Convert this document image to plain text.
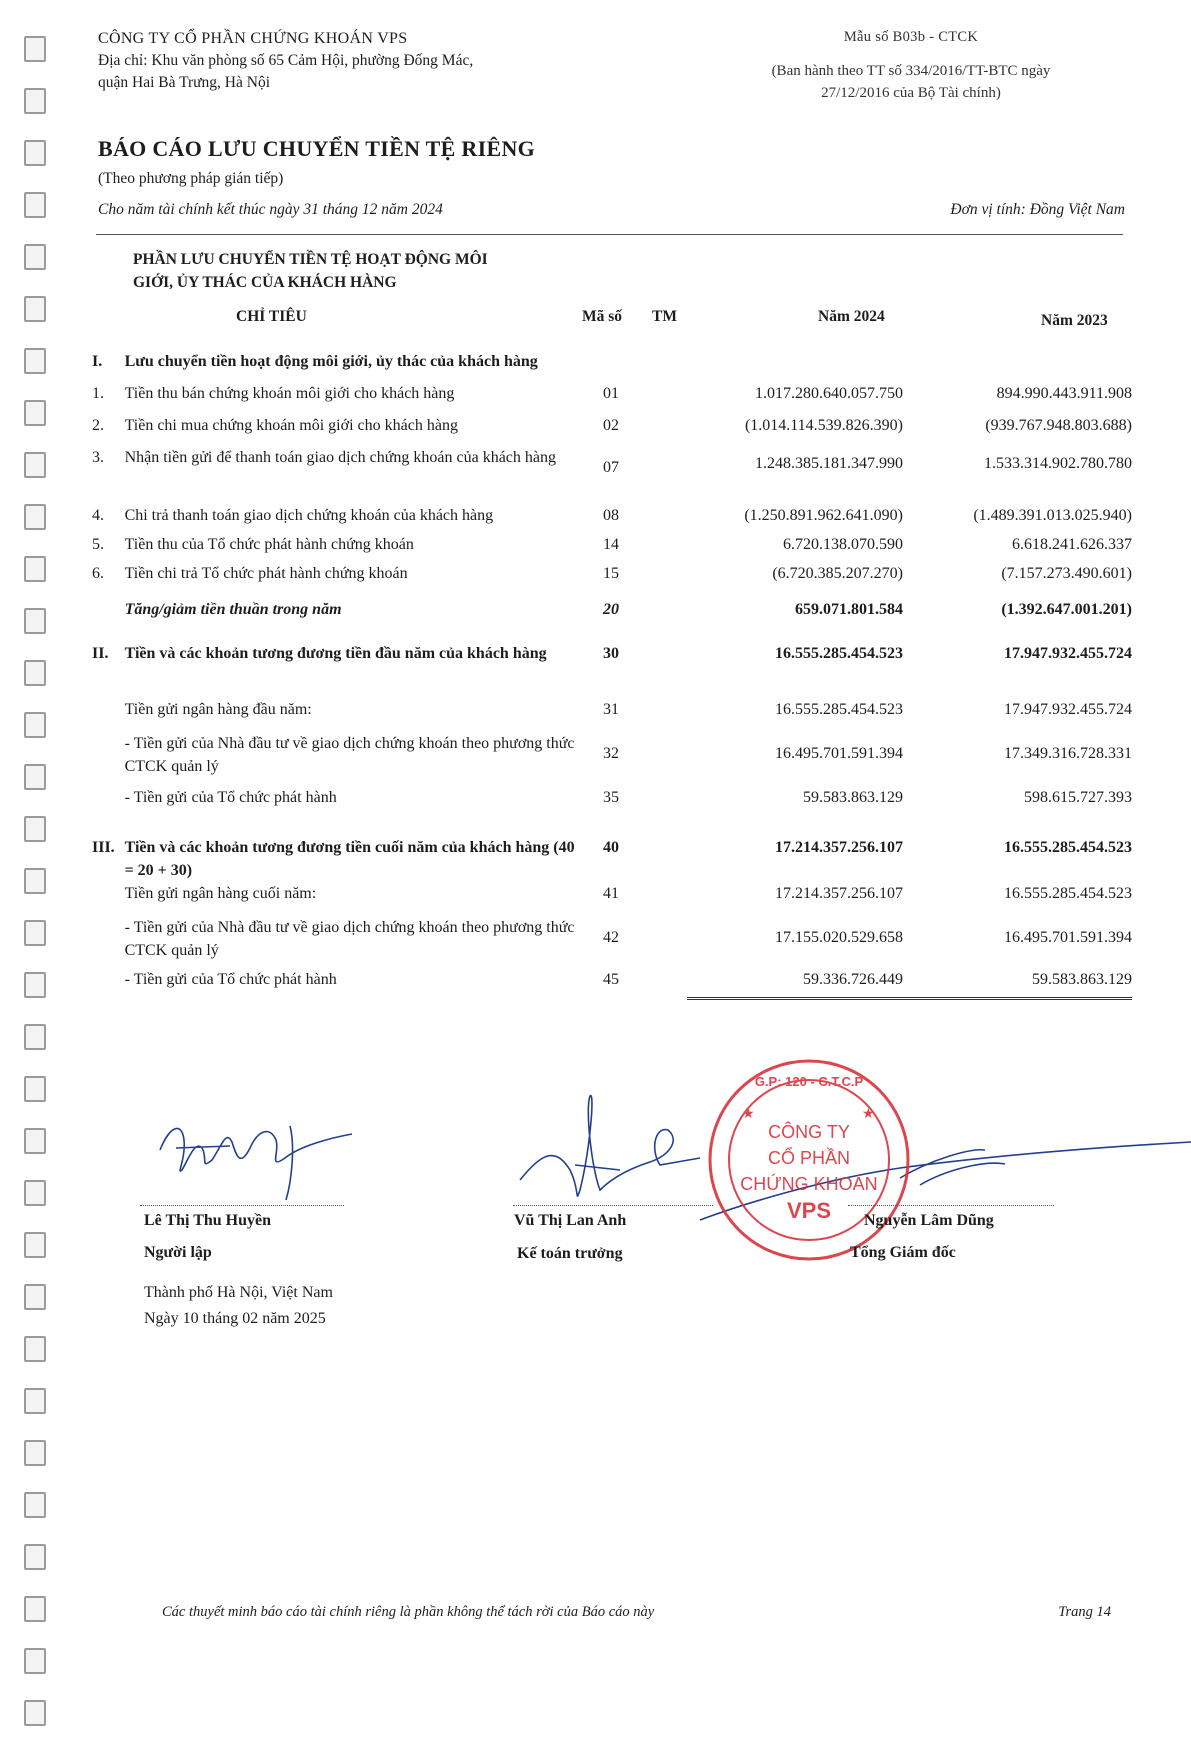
CÔNG TY CỔ PHẦN CHỨNG KHOÁN VPS
Địa chỉ: Khu văn phòng số 65 Cảm Hội, phường Đống Mác,
quận Hai Bà Trưng, Hà Nội
Mẫu số B03b - CTCK
(Ban hành theo TT số 334/2016/TT-BTC ngày
27/12/2016 của Bộ Tài chính)
BÁO CÁO LƯU CHUYỂN TIỀN TỆ RIÊNG
(Theo phương pháp gián tiếp)
Cho năm tài chính kết thúc ngày 31 tháng 12 năm 2024	Đơn vị tính: Đồng Việt Nam
PHẦN LƯU CHUYỂN TIỀN TỆ HOẠT ĐỘNG MÔI
GIỚI, ỦY THÁC CỦA KHÁCH HÀNG
CHỈ TIÊU	Mã số TM	Năm 2024	Năm 2023
I.	Lưu chuyển tiền hoạt động môi giới, ủy thác của khách hàng				
1.	Tiền thu bán chứng khoán môi giới cho khách hàng	01		1.017.280.640.057.750	894.990.443.911.908
2.	Tiền chi mua chứng khoán môi giới cho khách hàng	02		(1.014.114.539.826.390)	(939.767.948.803.688)
3.	Nhận tiền gửi để thanh toán giao dịch chứng khoán của khách hàng	07		1.248.385.181.347.990	1.533.314.902.780.780
4.	Chi trả thanh toán giao dịch chứng khoán của khách hàng	08		(1.250.891.962.641.090)	(1.489.391.013.025.940)
5.	Tiền thu của Tổ chức phát hành chứng khoán	14		6.720.138.070.590	6.618.241.626.337
6.	Tiền chi trả Tổ chức phát hành chứng khoán	15		(6.720.385.207.270)	(7.157.273.490.601)
	Tăng/giảm tiền thuần trong năm	20		659.071.801.584	(1.392.647.001.201)
II.	Tiền và các khoản tương đương tiền đầu năm của khách hàng	30		16.555.285.454.523	17.947.932.455.724
	Tiền gửi ngân hàng đầu năm:	31		16.555.285.454.523	17.947.932.455.724
	- Tiền gửi của Nhà đầu tư về giao dịch chứng khoán theo phương thức CTCK quản lý	32		16.495.701.591.394	17.349.316.728.331
	- Tiền gửi của Tổ chức phát hành	35		59.583.863.129	598.615.727.393
III.	Tiền và các khoản tương đương tiền cuối năm của khách hàng (40 = 20 + 30)	40		17.214.357.256.107	16.555.285.454.523
	Tiền gửi ngân hàng cuối năm:	41		17.214.357.256.107	16.555.285.454.523
	- Tiền gửi của Nhà đầu tư về giao dịch chứng khoán theo phương thức CTCK quản lý	42		17.155.020.529.658	16.495.701.591.394
	- Tiền gửi của Tổ chức phát hành	45		59.336.726.449	59.583.863.129
G.P: 120 - C.T.C.P
CÔNG TY
CỔ PHẦN
CHỨNG KHOÁN
VPS
★	★
Lê Thị Thu Huyền
Người lập
Vũ Thị Lan Anh
Kế toán trưởng
Nguyễn Lâm Dũng
Tổng Giám đốc
Thành phố Hà Nội, Việt Nam
Ngày 10 tháng 02 năm 2025
Các thuyết minh báo cáo tài chính riêng là phần không thể tách rời của Báo cáo này	Trang 14
